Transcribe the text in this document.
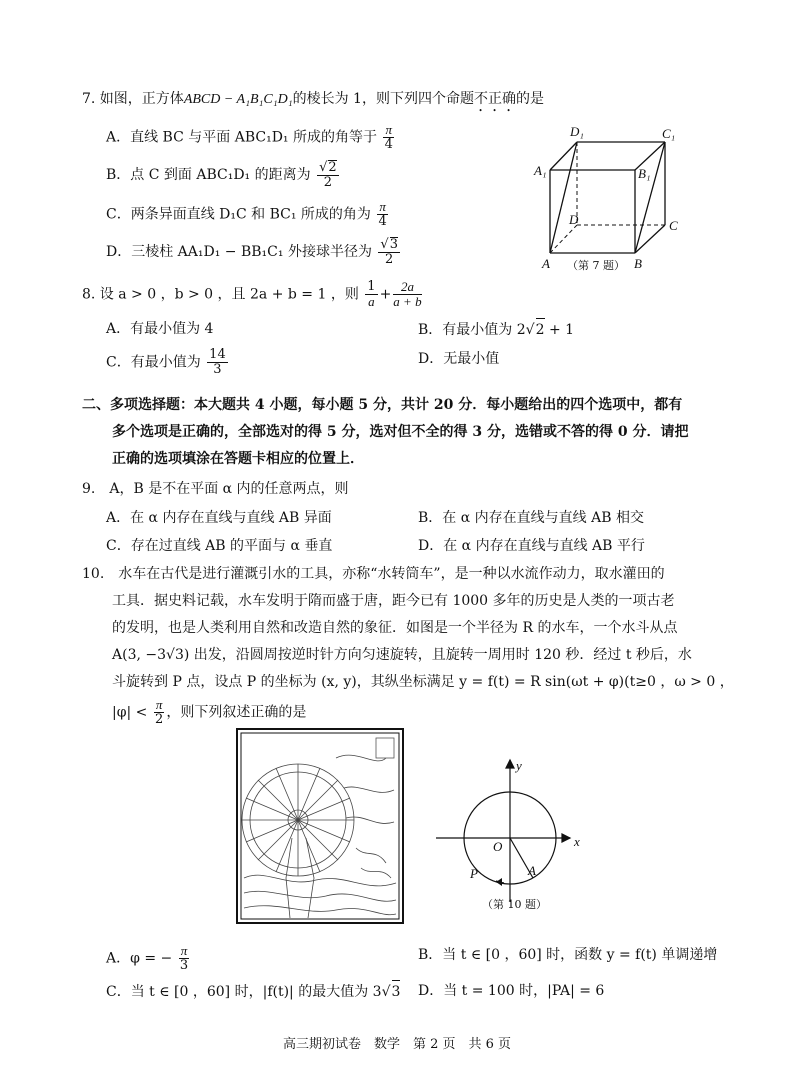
7. 如图，正方体ABCD − A₁B₁C₁D₁的棱长为 1，则下列四个命题不正确的是
A．直线 BC 与平面 ABC₁D₁ 所成的角等于 $\frac{\pi}{4}$
B．点 C 到面 ABC₁D₁ 的距离为 $\frac{√2}{2}$
C．两条异面直线 D₁C 和 BC₁ 所成的角为 $\frac{\pi}{4}$
D．三棱柱 AA₁D₁ − BB₁C₁ 外接球半径为 $\frac{√3}{2}$
D₁	C₁
A₁	B₁
D	C
A	B
（第 7 题）
8. 设 a > 0 ，b > 0 ，且 2a + b = 1 ，则 $\frac{1}{a} + \frac{2a}{a + b}$
A．有最小值为 4	B．有最小值为 2√2 + 1
C．有最小值为 $\frac{14}{3}$	D．无最小值
二、多项选择题：本大题共 4 小题，每小题 5 分，共计 20 分．每小题给出的四个选项中，都有
多个选项是正确的，全部选对的得 5 分，选对但不全的得 3 分，选错或不答的得 0 分．请把
正确的选项填涂在答题卡相应的位置上．
9.　A，B 是不在平面 α 内的任意两点，则
A．在 α 内存在直线与直线 AB 异面	B．在 α 内存在直线与直线 AB 相交
C．存在过直线 AB 的平面与 α 垂直	D．在 α 内存在直线与直线 AB 平行
10.　水车在古代是进行灌溉引水的工具，亦称“水转筒车”，是一种以水流作动力，取水灌田的
工具．据史料记载，水车发明于隋而盛于唐，距今已有 1000 多年的历史是人类的一项古老
的发明，也是人类利用自然和改造自然的象征．如图是一个半径为 R 的水车，一个水斗从点
A(3, −3√3) 出发，沿圆周按逆时针方向匀速旋转，且旋转一周用时 120 秒．经过 t 秒后，水
斗旋转到 P 点，设点 P 的坐标为 (x, y)，其纵坐标满足 y = f(t) = R sin(ωt + φ)(t≥0 ，ω > 0 ，
$|\varphi| < \frac{\pi}{2}$ ，则下列叙述正确的是
y
x
O
A
P
（第 10 题）
A．φ = − $\frac{\pi}{3}$	B．当 t ∈ [0 ，60] 时，函数 y = f(t) 单调递增
C．当 t ∈ [0 ，60] 时，|f(t)| 的最大值为 3√3 D．当 t = 100 时，|PA| = 6
高三期初试卷　数学　第 2 页　共 6 页
